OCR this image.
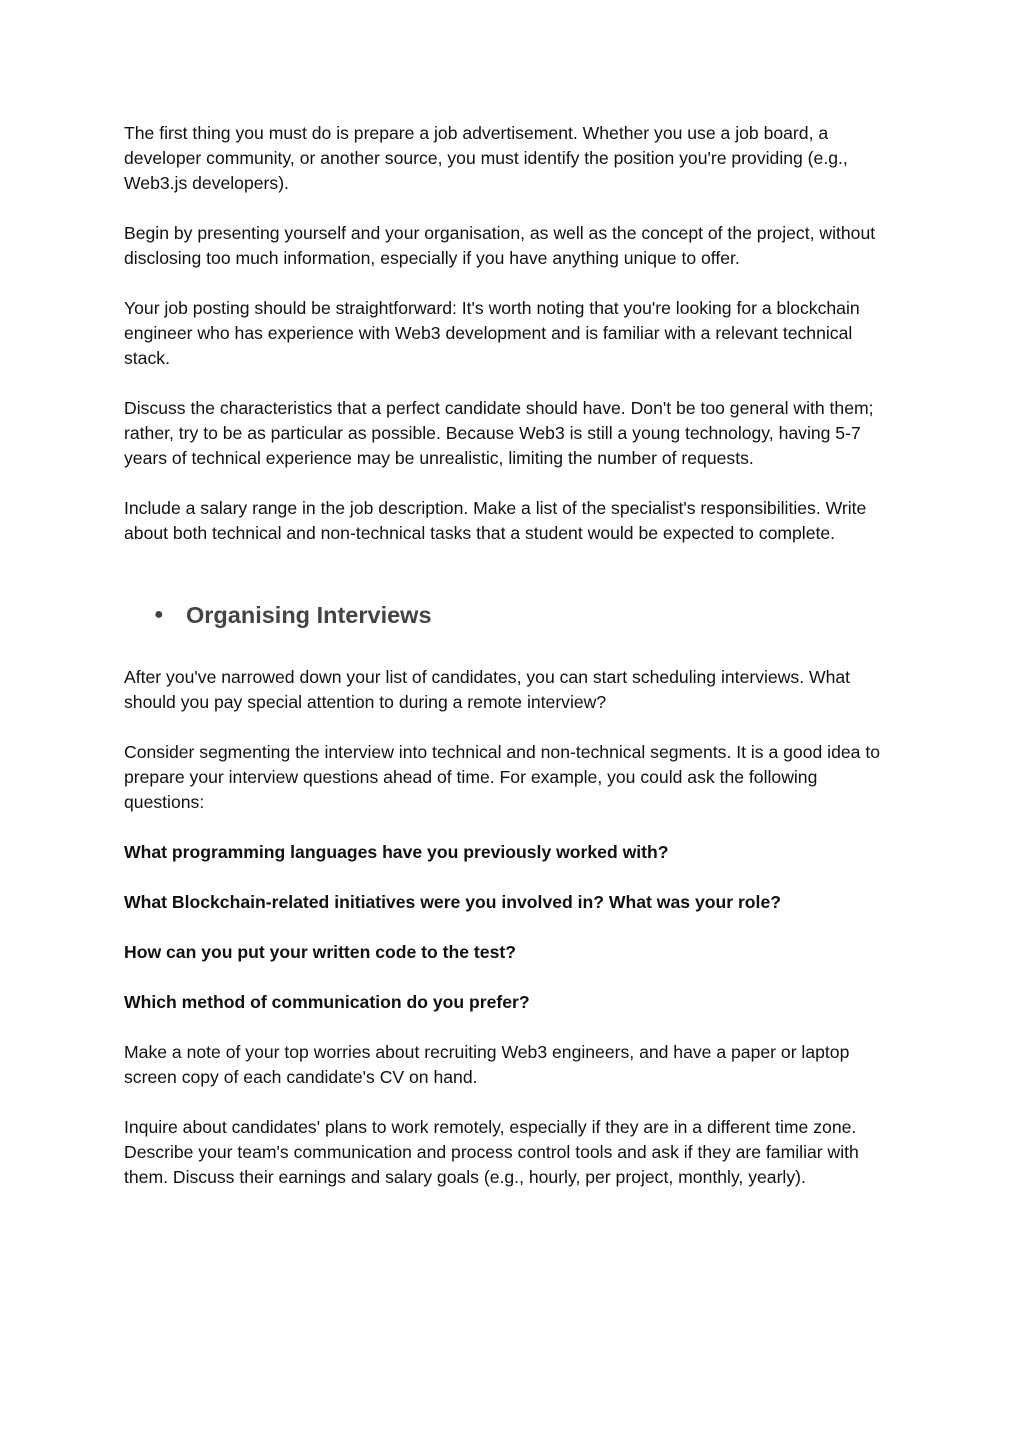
The first thing you must do is prepare a job advertisement. Whether you use a job board, a developer community, or another source, you must identify the position you're providing (e.g., Web3.js developers).

Begin by presenting yourself and your organisation, as well as the concept of the project, without disclosing too much information, especially if you have anything unique to offer.

Your job posting should be straightforward: It's worth noting that you're looking for a blockchain engineer who has experience with Web3 development and is familiar with a relevant technical stack.

Discuss the characteristics that a perfect candidate should have. Don't be too general with them; rather, try to be as particular as possible. Because Web3 is still a young technology, having 5-7 years of technical experience may be unrealistic, limiting the number of requests.

Include a salary range in the job description. Make a list of the specialist's responsibilities. Write about both technical and non-technical tasks that a student would be expected to complete.

● Organising Interviews

After you've narrowed down your list of candidates, you can start scheduling interviews. What should you pay special attention to during a remote interview?

Consider segmenting the interview into technical and non-technical segments. It is a good idea to prepare your interview questions ahead of time. For example, you could ask the following questions:

What programming languages have you previously worked with?

What Blockchain-related initiatives were you involved in? What was your role?

How can you put your written code to the test?

Which method of communication do you prefer?

Make a note of your top worries about recruiting Web3 engineers, and have a paper or laptop screen copy of each candidate's CV on hand.

Inquire about candidates' plans to work remotely, especially if they are in a different time zone. Describe your team's communication and process control tools and ask if they are familiar with them. Discuss their earnings and salary goals (e.g., hourly, per project, monthly, yearly).
